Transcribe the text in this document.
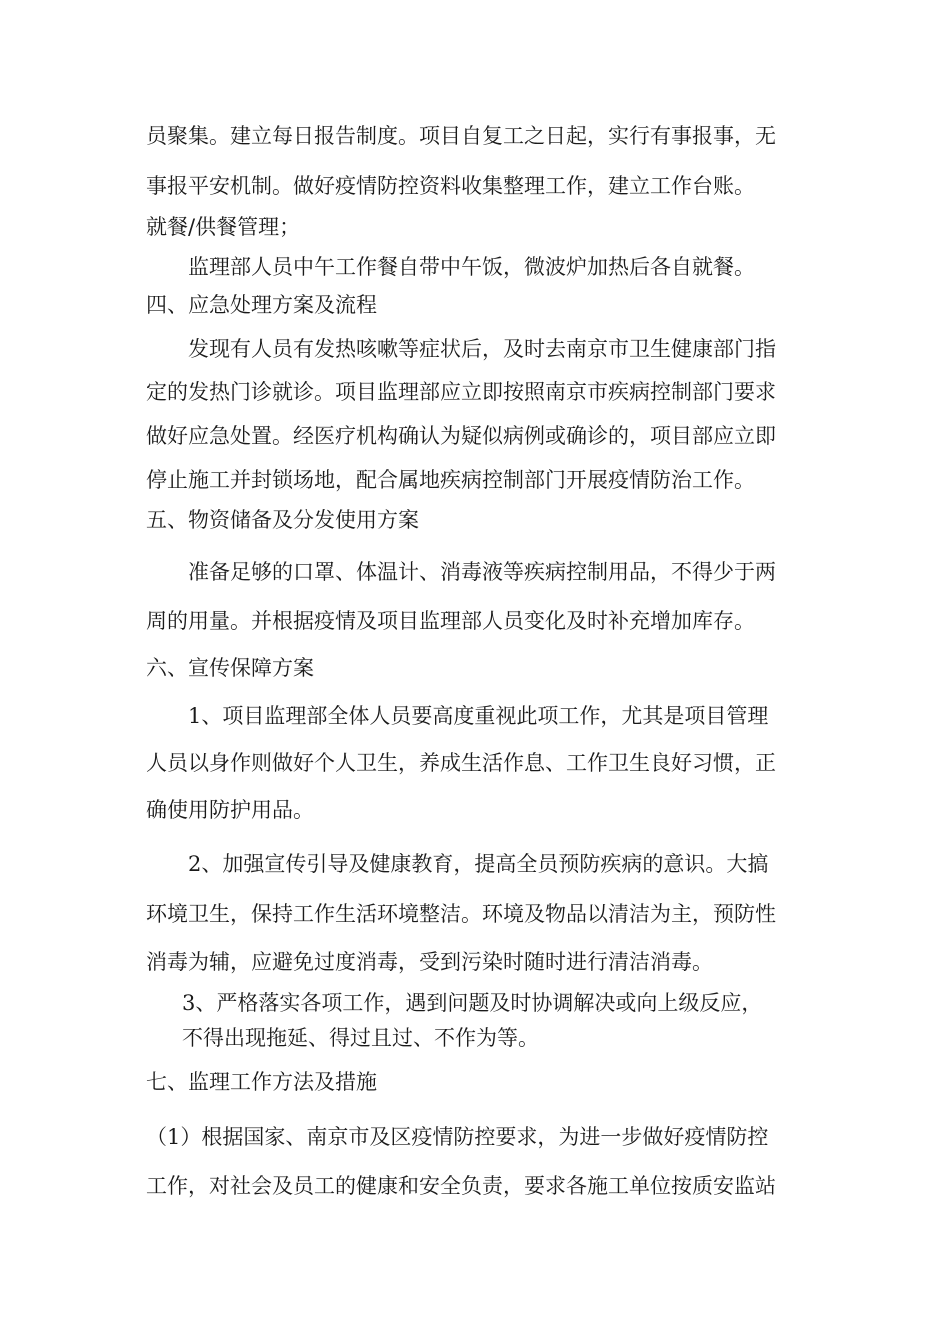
员聚集。建立每日报告制度。项目自复工之日起，实行有事报事，无

事报平安机制。做好疫情防控资料收集整理工作，建立工作台账。

就餐/供餐管理；

监理部人员中午工作餐自带中午饭，微波炉加热后各自就餐。

四、应急处理方案及流程

发现有人员有发热咳嗽等症状后，及时去南京市卫生健康部门指

定的发热门诊就诊。项目监理部应立即按照南京市疾病控制部门要求

做好应急处置。经医疗机构确认为疑似病例或确诊的，项目部应立即

停止施工并封锁场地，配合属地疾病控制部门开展疫情防治工作。

五、物资储备及分发使用方案

准备足够的口罩、体温计、消毒液等疾病控制用品，不得少于两

周的用量。并根据疫情及项目监理部人员变化及时补充增加库存。

六、宣传保障方案

1、项目监理部全体人员要高度重视此项工作，尤其是项目管理

人员以身作则做好个人卫生，养成生活作息、工作卫生良好习惯，正

确使用防护用品。

2、加强宣传引导及健康教育，提高全员预防疾病的意识。大搞

环境卫生，保持工作生活环境整洁。环境及物品以清洁为主，预防性

消毒为辅，应避免过度消毒，受到污染时随时进行清洁消毒。

3、严格落实各项工作，遇到问题及时协调解决或向上级反应，

不得出现拖延、得过且过、不作为等。

七、监理工作方法及措施

（1）根据国家、南京市及区疫情防控要求，为进一步做好疫情防控

工作，对社会及员工的健康和安全负责，要求各施工单位按质安监站
